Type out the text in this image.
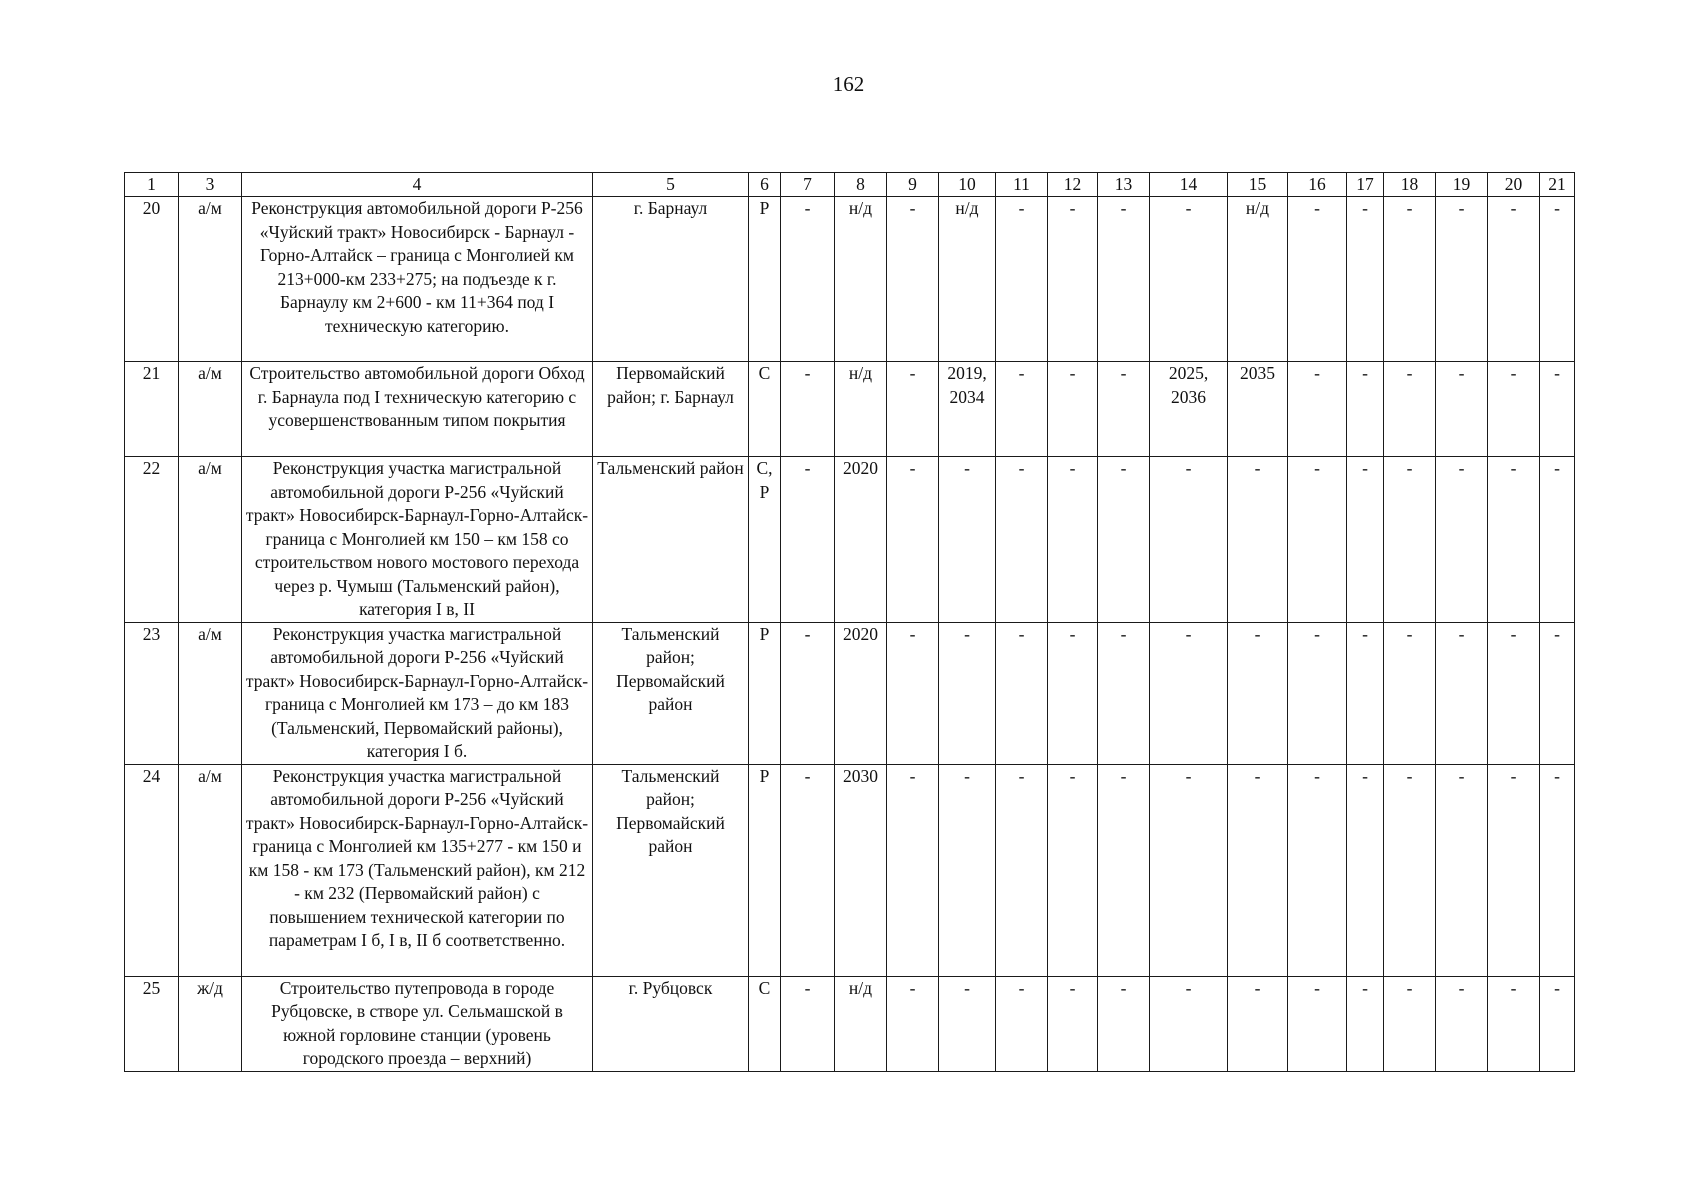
162
1	3	4	5	6	7	8	9	10	11	12	13	14	15	16	17	18	19	20	21
20	а/м	Реконструкция автомобильной дороги Р-256 «Чуйский тракт» Новосибирск - Барнаул - Горно-Алтайск – граница с Монголией км 213+000-км 233+275; на подъезде к г. Барнаулу км 2+600 - км 11+364 под I техническую категорию.	г. Барнаул	Р	-	н/д	-	н/д	-	-	-	-	н/д	-	-	-	-	-	-
21	а/м	Строительство автомобильной дороги Обход г. Барнаула под I техническую категорию с усовершенствованным типом покрытия	Первомайский район; г. Барнаул	С	-	н/д	-	2019, 2034	-	-	-	2025, 2036	2035	-	-	-	-	-	-
22	а/м	Реконструкция участка магистральной автомобильной дороги Р-256 «Чуйский тракт» Новосибирск-Барнаул-Горно-Алтайск-граница с Монголией км 150 – км 158 со строительством нового мостового перехода через р. Чумыш (Тальменский район), категория I в, II	Тальменский район	С, Р	-	2020	-	-	-	-	-	-	-	-	-	-	-	-	-
23	а/м	Реконструкция участка магистральной автомобильной дороги Р-256 «Чуйский тракт» Новосибирск-Барнаул-Горно-Алтайск-граница с Монголией км 173 – до км 183 (Тальменский, Первомайский районы), категория I б.	Тальменский район; Первомайский район	Р	-	2020	-	-	-	-	-	-	-	-	-	-	-	-	-
24	а/м	Реконструкция участка магистральной автомобильной дороги Р-256 «Чуйский тракт» Новосибирск-Барнаул-Горно-Алтайск-граница с Монголией км 135+277 - км 150 и км 158 - км 173 (Тальменский район), км 212 - км 232 (Первомайский район) с повышением технической категории по параметрам I б, I в, II б соответственно.	Тальменский район; Первомайский район	Р	-	2030	-	-	-	-	-	-	-	-	-	-	-	-	-
25	ж/д	Строительство путепровода в городе Рубцовске, в створе ул. Сельмашской в южной горловине станции (уровень городского проезда – верхний)	г. Рубцовск	С	-	н/д	-	-	-	-	-	-	-	-	-	-	-	-	-
